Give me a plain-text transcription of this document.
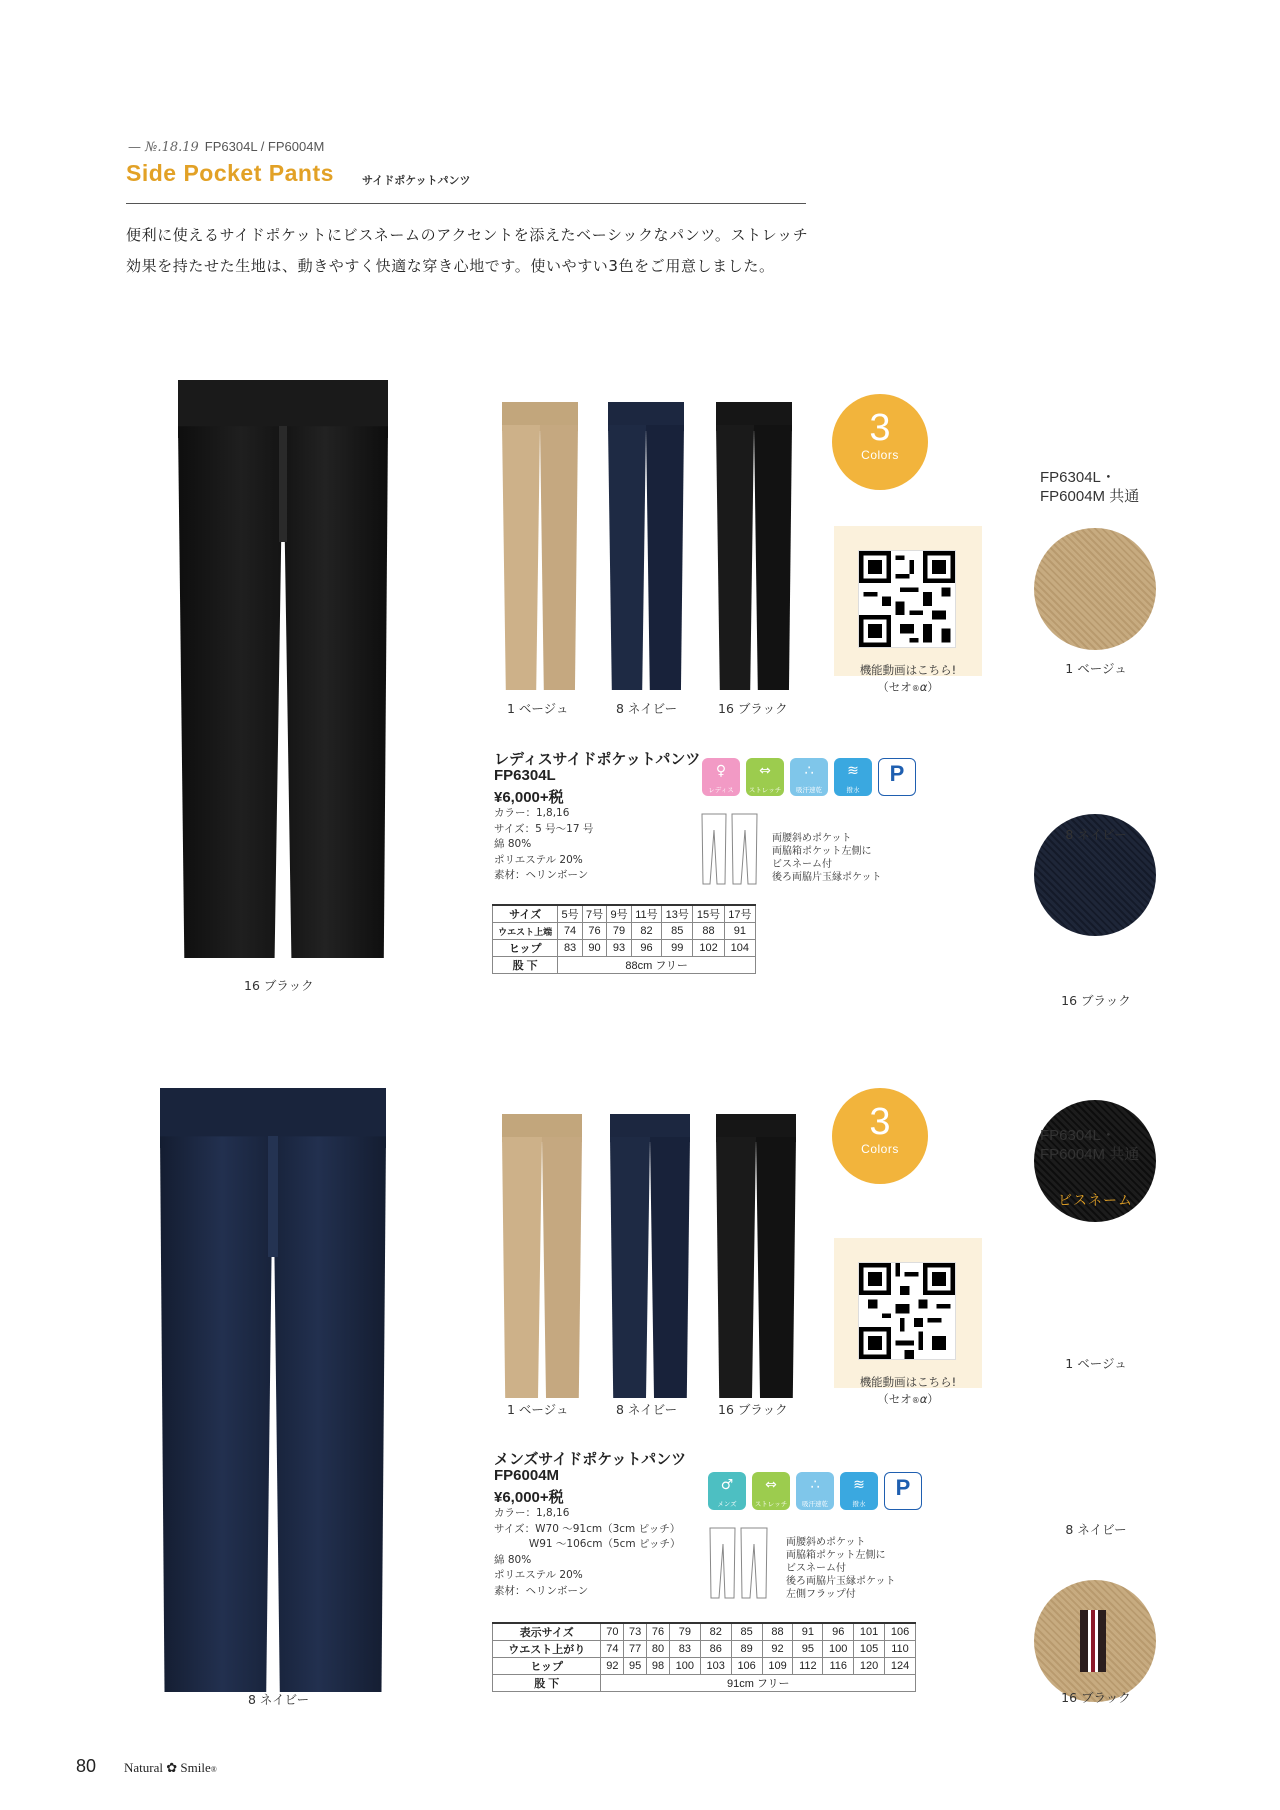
— №.18.19 FP6304L / FP6004M
Side Pocket Pants	サイドポケットパンツ
便利に使えるサイドポケットにビスネームのアクセントを添えたベーシックなパンツ。ストレッチ
効果を持たせた生地は、動きやすく快適な穿き心地です。使いやすい3色をご用意しました。
16 ブラック
1 ベージュ	8 ネイビー	16 ブラック
3
Colors
機能動画はこちら!
（セオ®α）
FP6304L・
FP6004M 共通
1 ベージュ
8 ネイビー
16 ブラック
レディスサイドポケットパンツ
FP6304L
¥6,000+税
カラー：1,8,16
サイズ：5 号～17 号
綿 80%
ポリエステル 20%
素材：ヘリンボーン
♀
レディス
⇔
ストレッチ
∴
吸汗速乾
≋
撥水
P
両腰斜めポケット
両脇箱ポケット左側に
ビスネーム付
後ろ両脇片玉縁ポケット
サイズ	5号	7号	9号	11号	13号	15号	17号
ウエスト上端	74	76	79	82	85	88	91
ヒップ	83	90	93	96	99	102	104
股 下	88cm フリー						
8 ネイビー
1 ベージュ	8 ネイビー	16 ブラック
3
Colors
機能動画はこちら!
（セオ®α）
FP6304L・
FP6004M 共通
ビスネーム
1 ベージュ
8 ネイビー
16 ブラック
メンズサイドポケットパンツ
FP6004M
¥6,000+税
カラー：1,8,16
サイズ：W70 ～91cm（3cm ピッチ）
　　　 W91 ～106cm（5cm ピッチ）
綿 80%
ポリエステル 20%
素材：ヘリンボーン
♂
メンズ
⇔
ストレッチ
∴
吸汗速乾
≋
撥水
P
両腰斜めポケット
両脇箱ポケット左側に
ビスネーム付
後ろ両脇片玉縁ポケット
左側フラップ付
表示サイズ	70	73	76	79	82	85	88	91	96	101	106
ウエスト上がり	74	77	80	83	86	89	92	95	100	105	110
ヒップ	92	95	98	100	103	106	109	112	116	120	124
股 下	91cm フリー										
80 Natural ✿ Smile®
